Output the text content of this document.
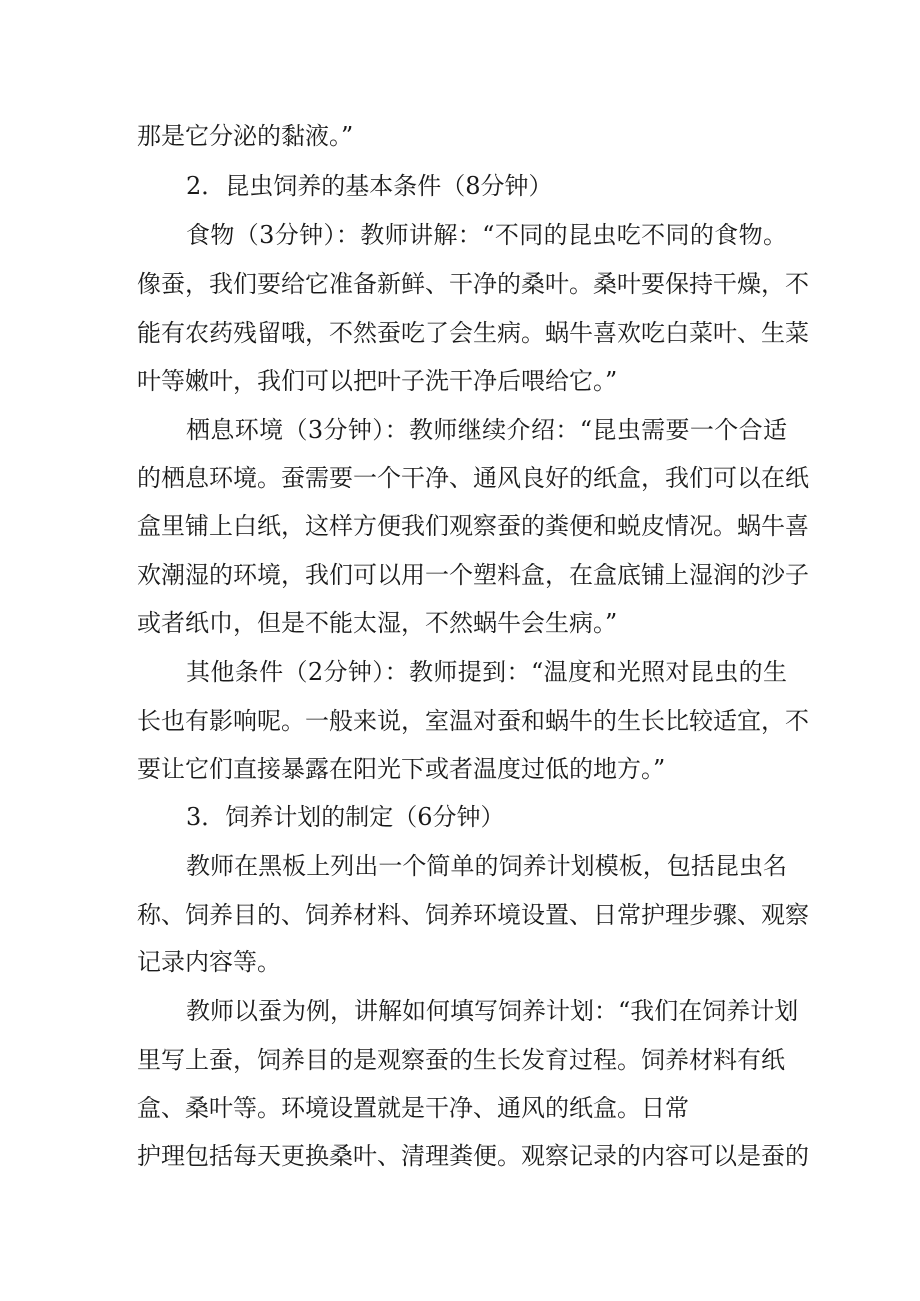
那是它分泌的黏液。”
2．昆虫饲养的基本条件（8分钟）
食物（3分钟）：教师讲解：“不同的昆虫吃不同的食物。
像蚕，我们要给它准备新鲜、干净的桑叶。桑叶要保持干燥，不
能有农药残留哦，不然蚕吃了会生病。蜗牛喜欢吃白菜叶、生菜
叶等嫩叶，我们可以把叶子洗干净后喂给它。”
栖息环境（3分钟）：教师继续介绍：“昆虫需要一个合适
的栖息环境。蚕需要一个干净、通风良好的纸盒，我们可以在纸
盒里铺上白纸，这样方便我们观察蚕的粪便和蜕皮情况。蜗牛喜
欢潮湿的环境，我们可以用一个塑料盒，在盒底铺上湿润的沙子
或者纸巾，但是不能太湿，不然蜗牛会生病。”
其他条件（2分钟）：教师提到：“温度和光照对昆虫的生
长也有影响呢。一般来说，室温对蚕和蜗牛的生长比较适宜，不
要让它们直接暴露在阳光下或者温度过低的地方。”
3．饲养计划的制定（6分钟）
教师在黑板上列出一个简单的饲养计划模板，包括昆虫名
称、饲养目的、饲养材料、饲养环境设置、日常护理步骤、观察
记录内容等。
教师以蚕为例，讲解如何填写饲养计划：“我们在饲养计划
里写上蚕，饲养目的是观察蚕的生长发育过程。饲养材料有纸
盒、桑叶等。环境设置就是干净、通风的纸盒。日常
护理包括每天更换桑叶、清理粪便。观察记录的内容可以是蚕的
